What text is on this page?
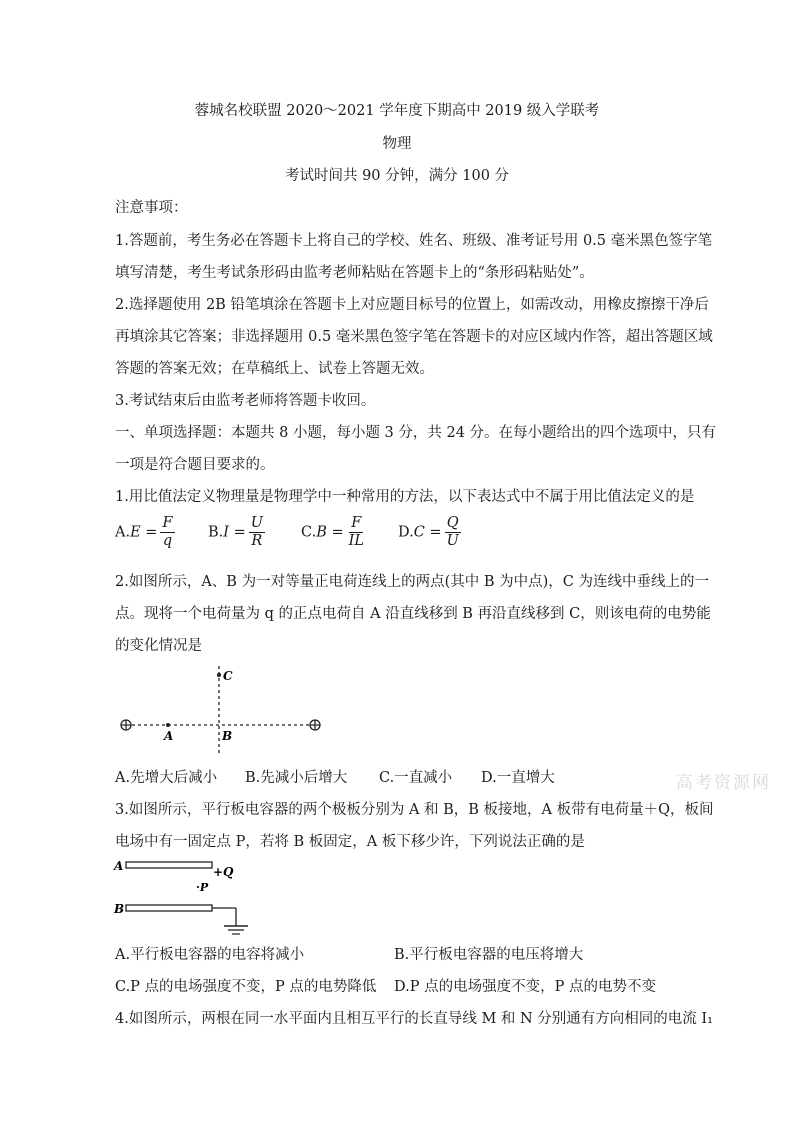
蓉城名校联盟 2020～2021 学年度下期高中 2019 级入学联考
物理
考试时间共 90 分钟，满分 100 分
注意事项：
1.答题前，考生务必在答题卡上将自己的学校、姓名、班级、准考证号用 0.5 毫米黑色签字笔
填写清楚，考生考试条形码由监考老师粘贴在答题卡上的“条形码粘贴处”。
2.选择题使用 2B 铅笔填涂在答题卡上对应题目标号的位置上，如需改动，用橡皮擦擦干净后
再填涂其它答案；非选择题用 0.5 毫米黑色签字笔在答题卡的对应区域内作答，超出答题区域
答题的答案无效；在草稿纸上、试卷上答题无效。
3.考试结束后由监考老师将答题卡收回。
一、单项选择题：本题共 8 小题，每小题 3 分，共 24 分。在每小题给出的四个选项中，只有
一项是符合题目要求的。
1.用比值法定义物理量是物理学中一种常用的方法，以下表达式中不属于用比值法定义的是
$A.E = \frac{F}{q} B.I = \frac{U}{R} C.B = \frac{F}{IL} D.C = \frac{Q}{U}$
2.如图所示，A、B 为一对等量正电荷连线上的两点(其中 B 为中点)，C 为连线中垂线上的一
点。现将一个电荷量为 q 的正点电荷自 A 沿直线移到 B 再沿直线移到 C，则该电荷的电势能
的变化情况是
A	B
C
A.先增大后减小 B.先减小后增大 C.一直减小 D.一直增大	高考资源网
3.如图所示，平行板电容器的两个极板分别为 A 和 B，B 板接地，A 板带有电荷量＋Q，板间
电场中有一固定点 P，若将 B 板固定，A 板下移少许，下列说法正确的是
A	+Q
·P
B
A.平行板电容器的电容将减小	B.平行板电容器的电压将增大
C.P 点的电场强度不变，P 点的电势降低 D.P 点的电场强度不变，P 点的电势不变
4.如图所示，两根在同一水平面内且相互平行的长直导线 M 和 N 分别通有方向相同的电流 I₁
